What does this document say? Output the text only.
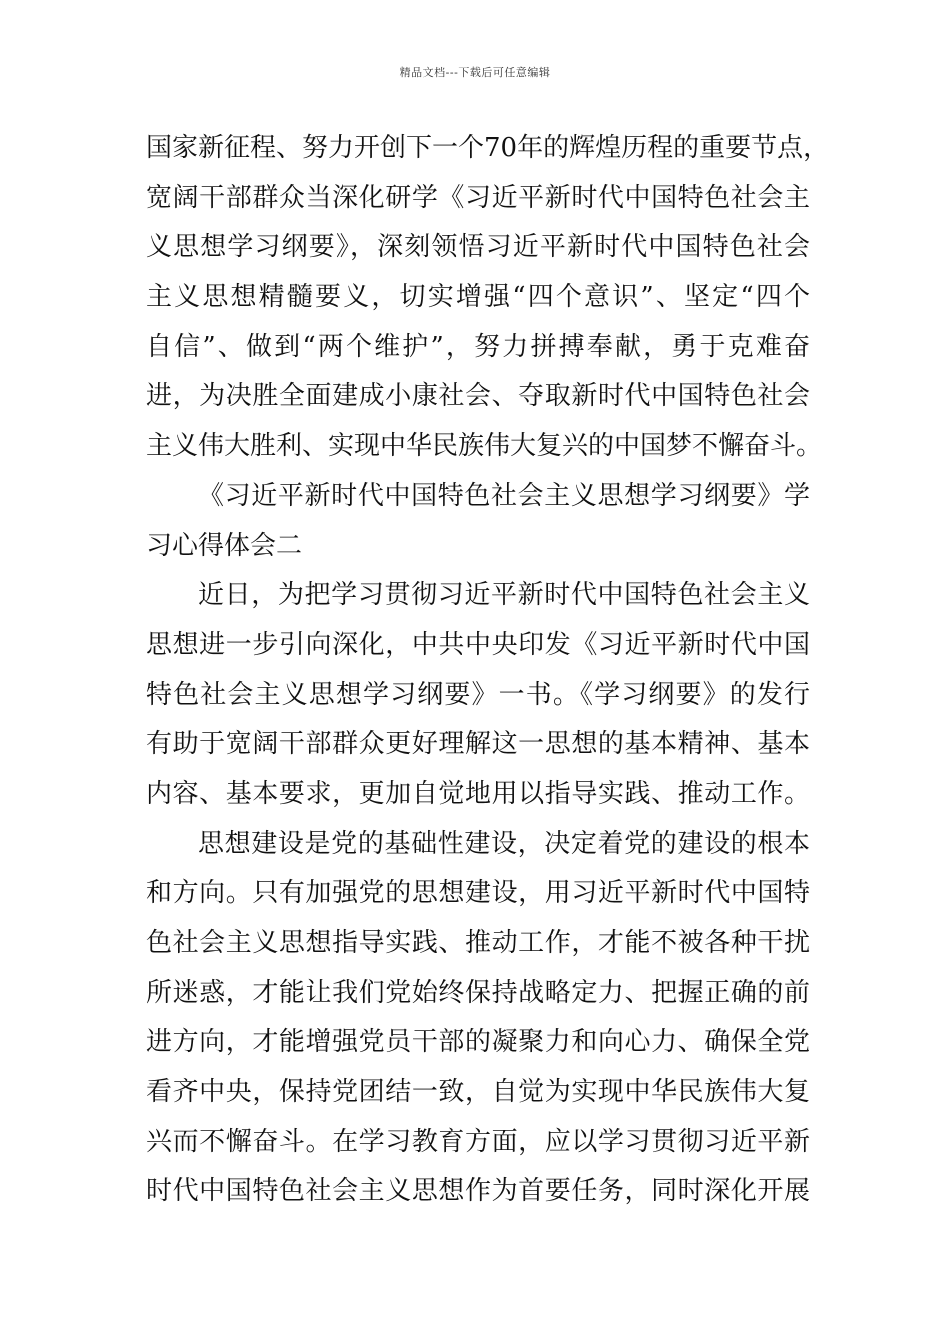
精品文档---下载后可任意编辑
国家新征程、努力开创下一个70年的辉煌历程的重要节点，
宽阔干部群众当深化研学《习近平新时代中国特色社会主
义思想学习纲要》，深刻领悟习近平新时代中国特色社会
主义思想精髓要义，切实增强“四个意识”、坚定“四个
自信”、做到“两个维护”，努力拼搏奉献，勇于克难奋
进，为决胜全面建成小康社会、夺取新时代中国特色社会
主义伟大胜利、实现中华民族伟大复兴的中国梦不懈奋斗。
《习近平新时代中国特色社会主义思想学习纲要》学
习心得体会二
近日，为把学习贯彻习近平新时代中国特色社会主义
思想进一步引向深化，中共中央印发《习近平新时代中国
特色社会主义思想学习纲要》一书。《学习纲要》的发行
有助于宽阔干部群众更好理解这一思想的基本精神、基本
内容、基本要求，更加自觉地用以指导实践、推动工作。
思想建设是党的基础性建设，决定着党的建设的根本
和方向。只有加强党的思想建设，用习近平新时代中国特
色社会主义思想指导实践、推动工作，才能不被各种干扰
所迷惑，才能让我们党始终保持战略定力、把握正确的前
进方向，才能增强党员干部的凝聚力和向心力、确保全党
看齐中央，保持党团结一致，自觉为实现中华民族伟大复
兴而不懈奋斗。在学习教育方面，应以学习贯彻习近平新
时代中国特色社会主义思想作为首要任务，同时深化开展
